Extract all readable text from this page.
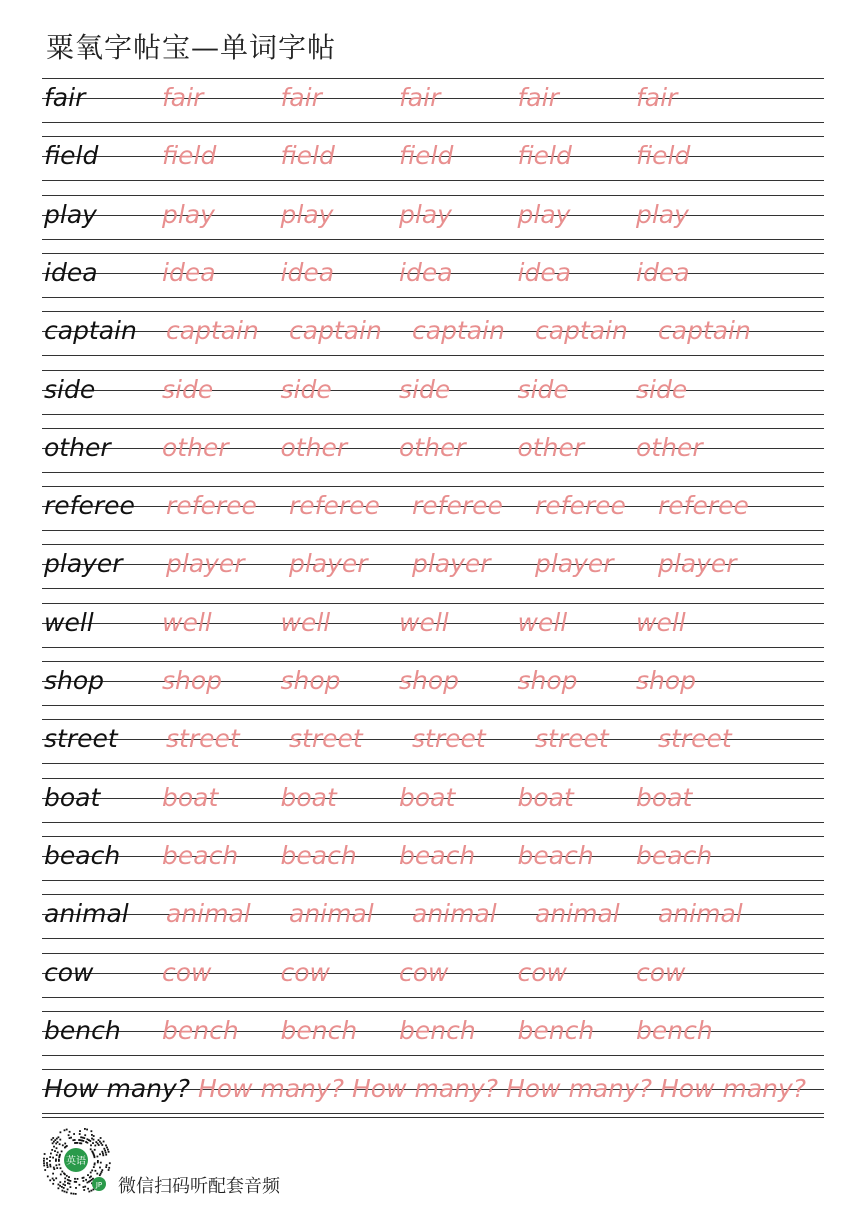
粟氧字帖宝—单词字帖
fair	fair	fair	fair	fair	fair
field	field	field	field	field	field
play	play	play	play	play	play
idea	idea	idea	idea	idea	idea
captain captain captain captain captain captain
side	side	side	side	side	side
other other other other other other
referee referee referee referee referee referee
player player player player player player
well	well	well	well	well	well
shop shop shop shop shop shop
street street street street street street
boat boat boat boat boat boat
beach beach beach beach beach beach
animal animal animal animal animal animal
cow	cow	cow	cow	cow	cow
bench bench bench bench bench bench
How many? How many? How many? How many? How many?
英语
JP 微信扫码听配套音频
